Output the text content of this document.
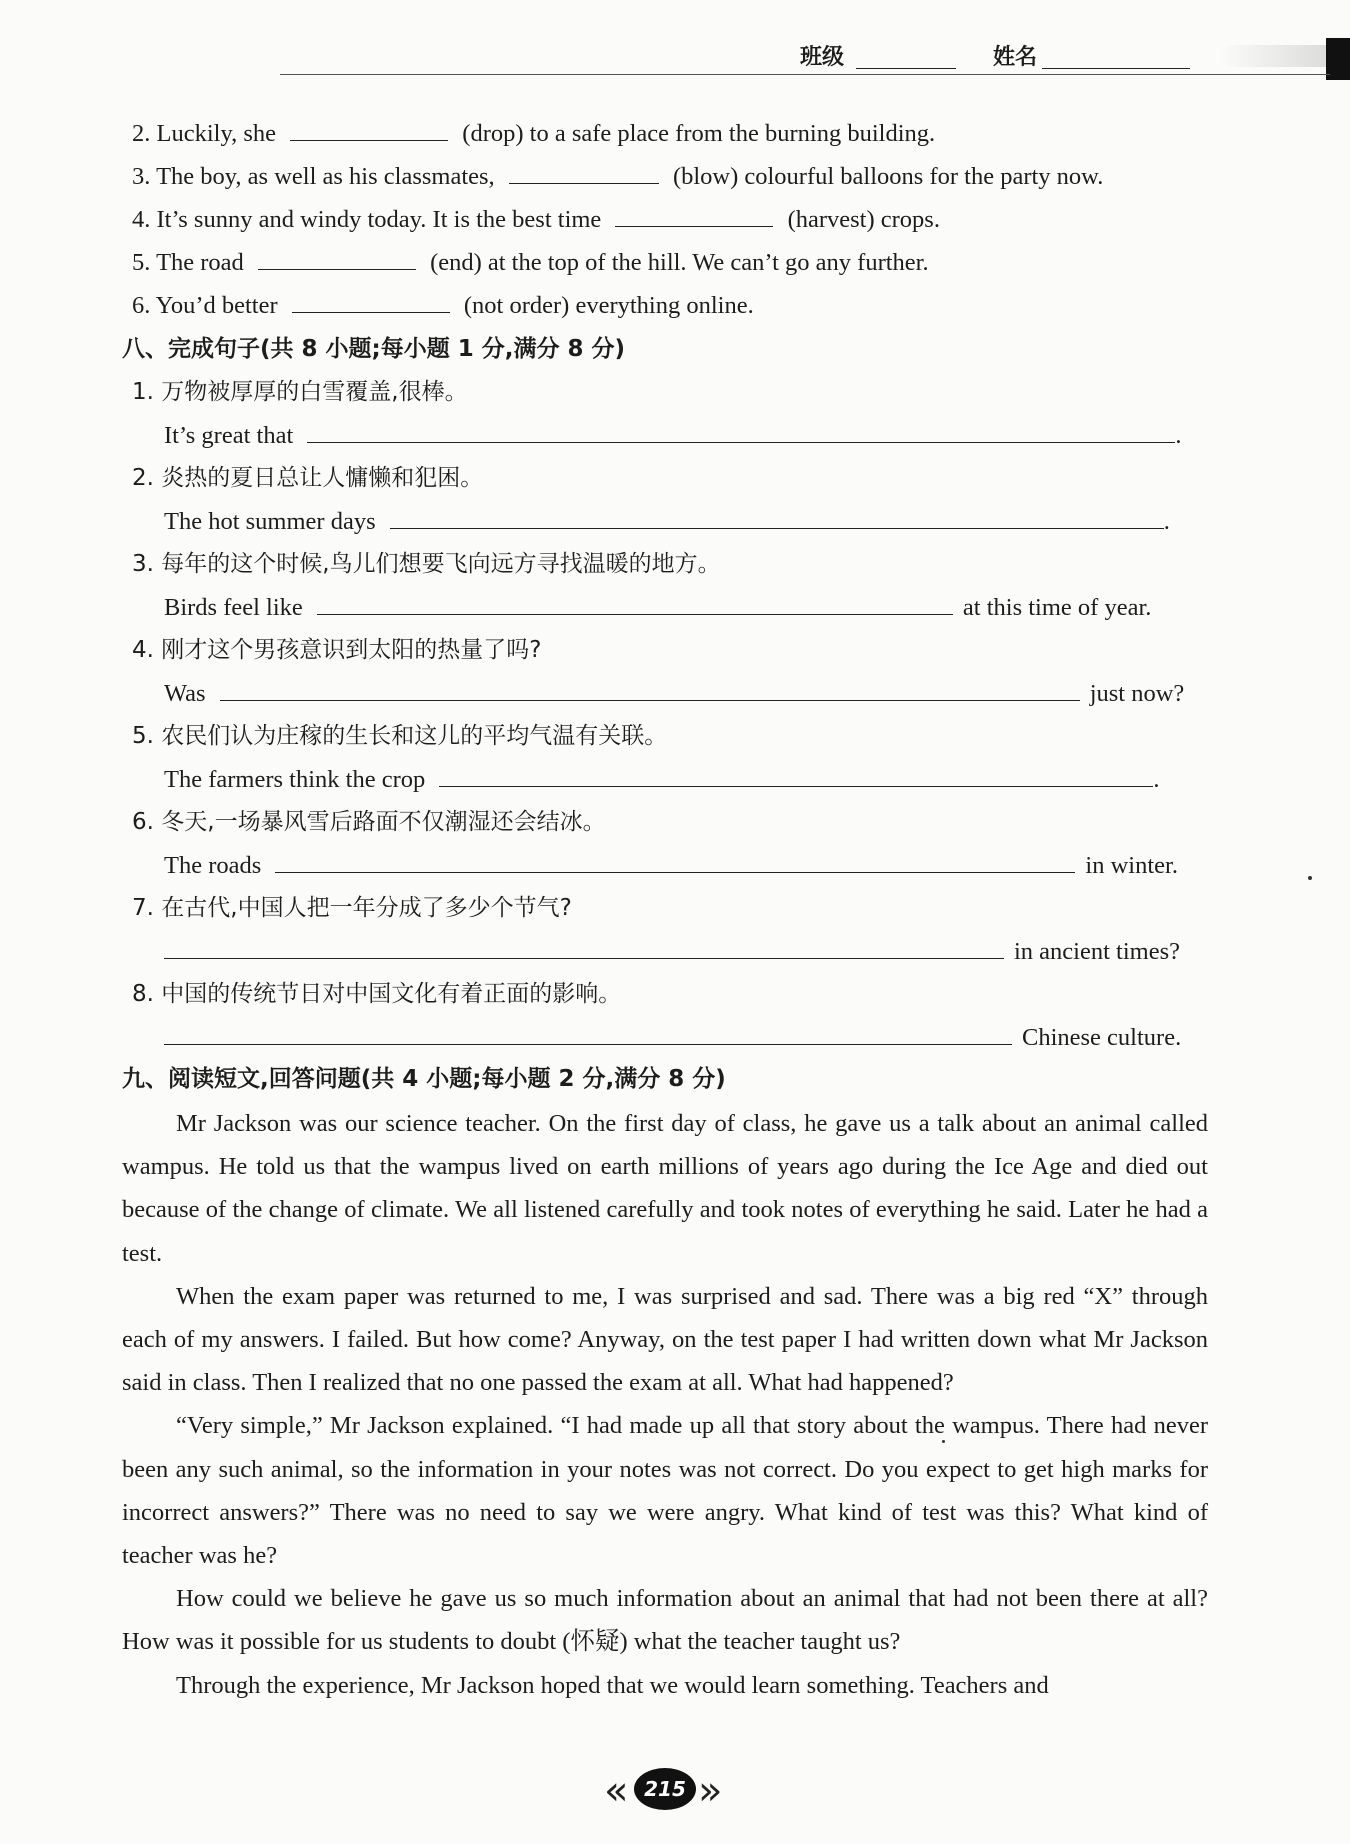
班级	姓名
2. Luckily, she	(drop) to a safe place from the burning building.
3. The boy, as well as his classmates,	(blow) colourful balloons for the party now.
4. It’s sunny and windy today. It is the best time	(harvest) crops.
5. The road	(end) at the top of the hill. We can’t go any further.
6. You’d better	(not order) everything online.
八、完成句子(共 8 小题;每小题 1 分,满分 8 分)
1. 万物被厚厚的白雪覆盖,很棒。
It’s great that	.
2. 炎热的夏日总让人慵懒和犯困。
The hot summer days	.
3. 每年的这个时候,鸟儿们想要飞向远方寻找温暖的地方。
Birds feel like	at this time of year.
4. 刚才这个男孩意识到太阳的热量了吗?
Was	just now?
5. 农民们认为庄稼的生长和这儿的平均气温有关联。
The farmers think the crop	.
6. 冬天,一场暴风雪后路面不仅潮湿还会结冰。
The roads	in winter.
7. 在古代,中国人把一年分成了多少个节气?
in ancient times?
8. 中国的传统节日对中国文化有着正面的影响。
Chinese culture.
九、阅读短文,回答问题(共 4 小题;每小题 2 分,满分 8 分)

Mr Jackson was our science teacher. On the first day of class, he gave us a talk about an animal called wampus. He told us that the wampus lived on earth millions of years ago during the Ice Age and died out because of the change of climate. We all listened carefully and took notes of everything he said. Later he had a test.

When the exam paper was returned to me, I was surprised and sad. There was a big red “X” through each of my answers. I failed. But how come? Anyway, on the test paper I had written down what Mr Jackson said in class. Then I realized that no one passed the exam at all. What had happened?

“Very simple,” Mr Jackson explained. “I had made up all that story about the wampus. There had never been any such animal, so the information in your notes was not correct. Do you expect to get high marks for incorrect answers?” There was no need to say we were angry. What kind of test was this? What kind of teacher was he?

How could we believe he gave us so much information about an animal that had not been there at all? How was it possible for us students to doubt (怀疑) what the teacher taught us?

Through the experience, Mr Jackson hoped that we would learn something. Teachers and

« 215 »
